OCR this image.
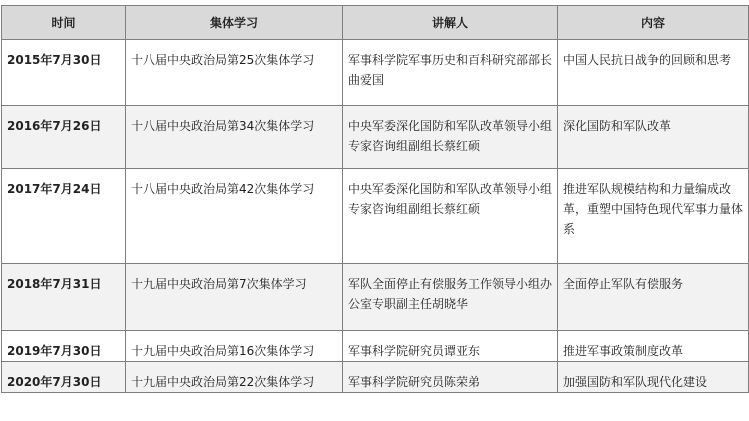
时间	集体学习	讲解人	内容
2015年7月30日	十八届中央政治局第25次集体学习	军事科学院军事历史和百科研究部部长曲爱国	中国人民抗日战争的回顾和思考
2016年7月26日	十八届中央政治局第34次集体学习	中央军委深化国防和军队改革领导小组专家咨询组副组长蔡红硕	深化国防和军队改革
2017年7月24日	十八届中央政治局第42次集体学习	中央军委深化国防和军队改革领导小组专家咨询组副组长蔡红硕	推进军队规模结构和力量编成改革，重塑中国特色现代军事力量体系
2018年7月31日	十九届中央政治局第7次集体学习	军队全面停止有偿服务工作领导小组办公室专职副主任胡晓华	全面停止军队有偿服务
2019年7月30日	十九届中央政治局第16次集体学习	军事科学院研究员谭亚东	推进军事政策制度改革
2020年7月30日	十九届中央政治局第22次集体学习	军事科学院研究员陈荣弟	加强国防和军队现代化建设
